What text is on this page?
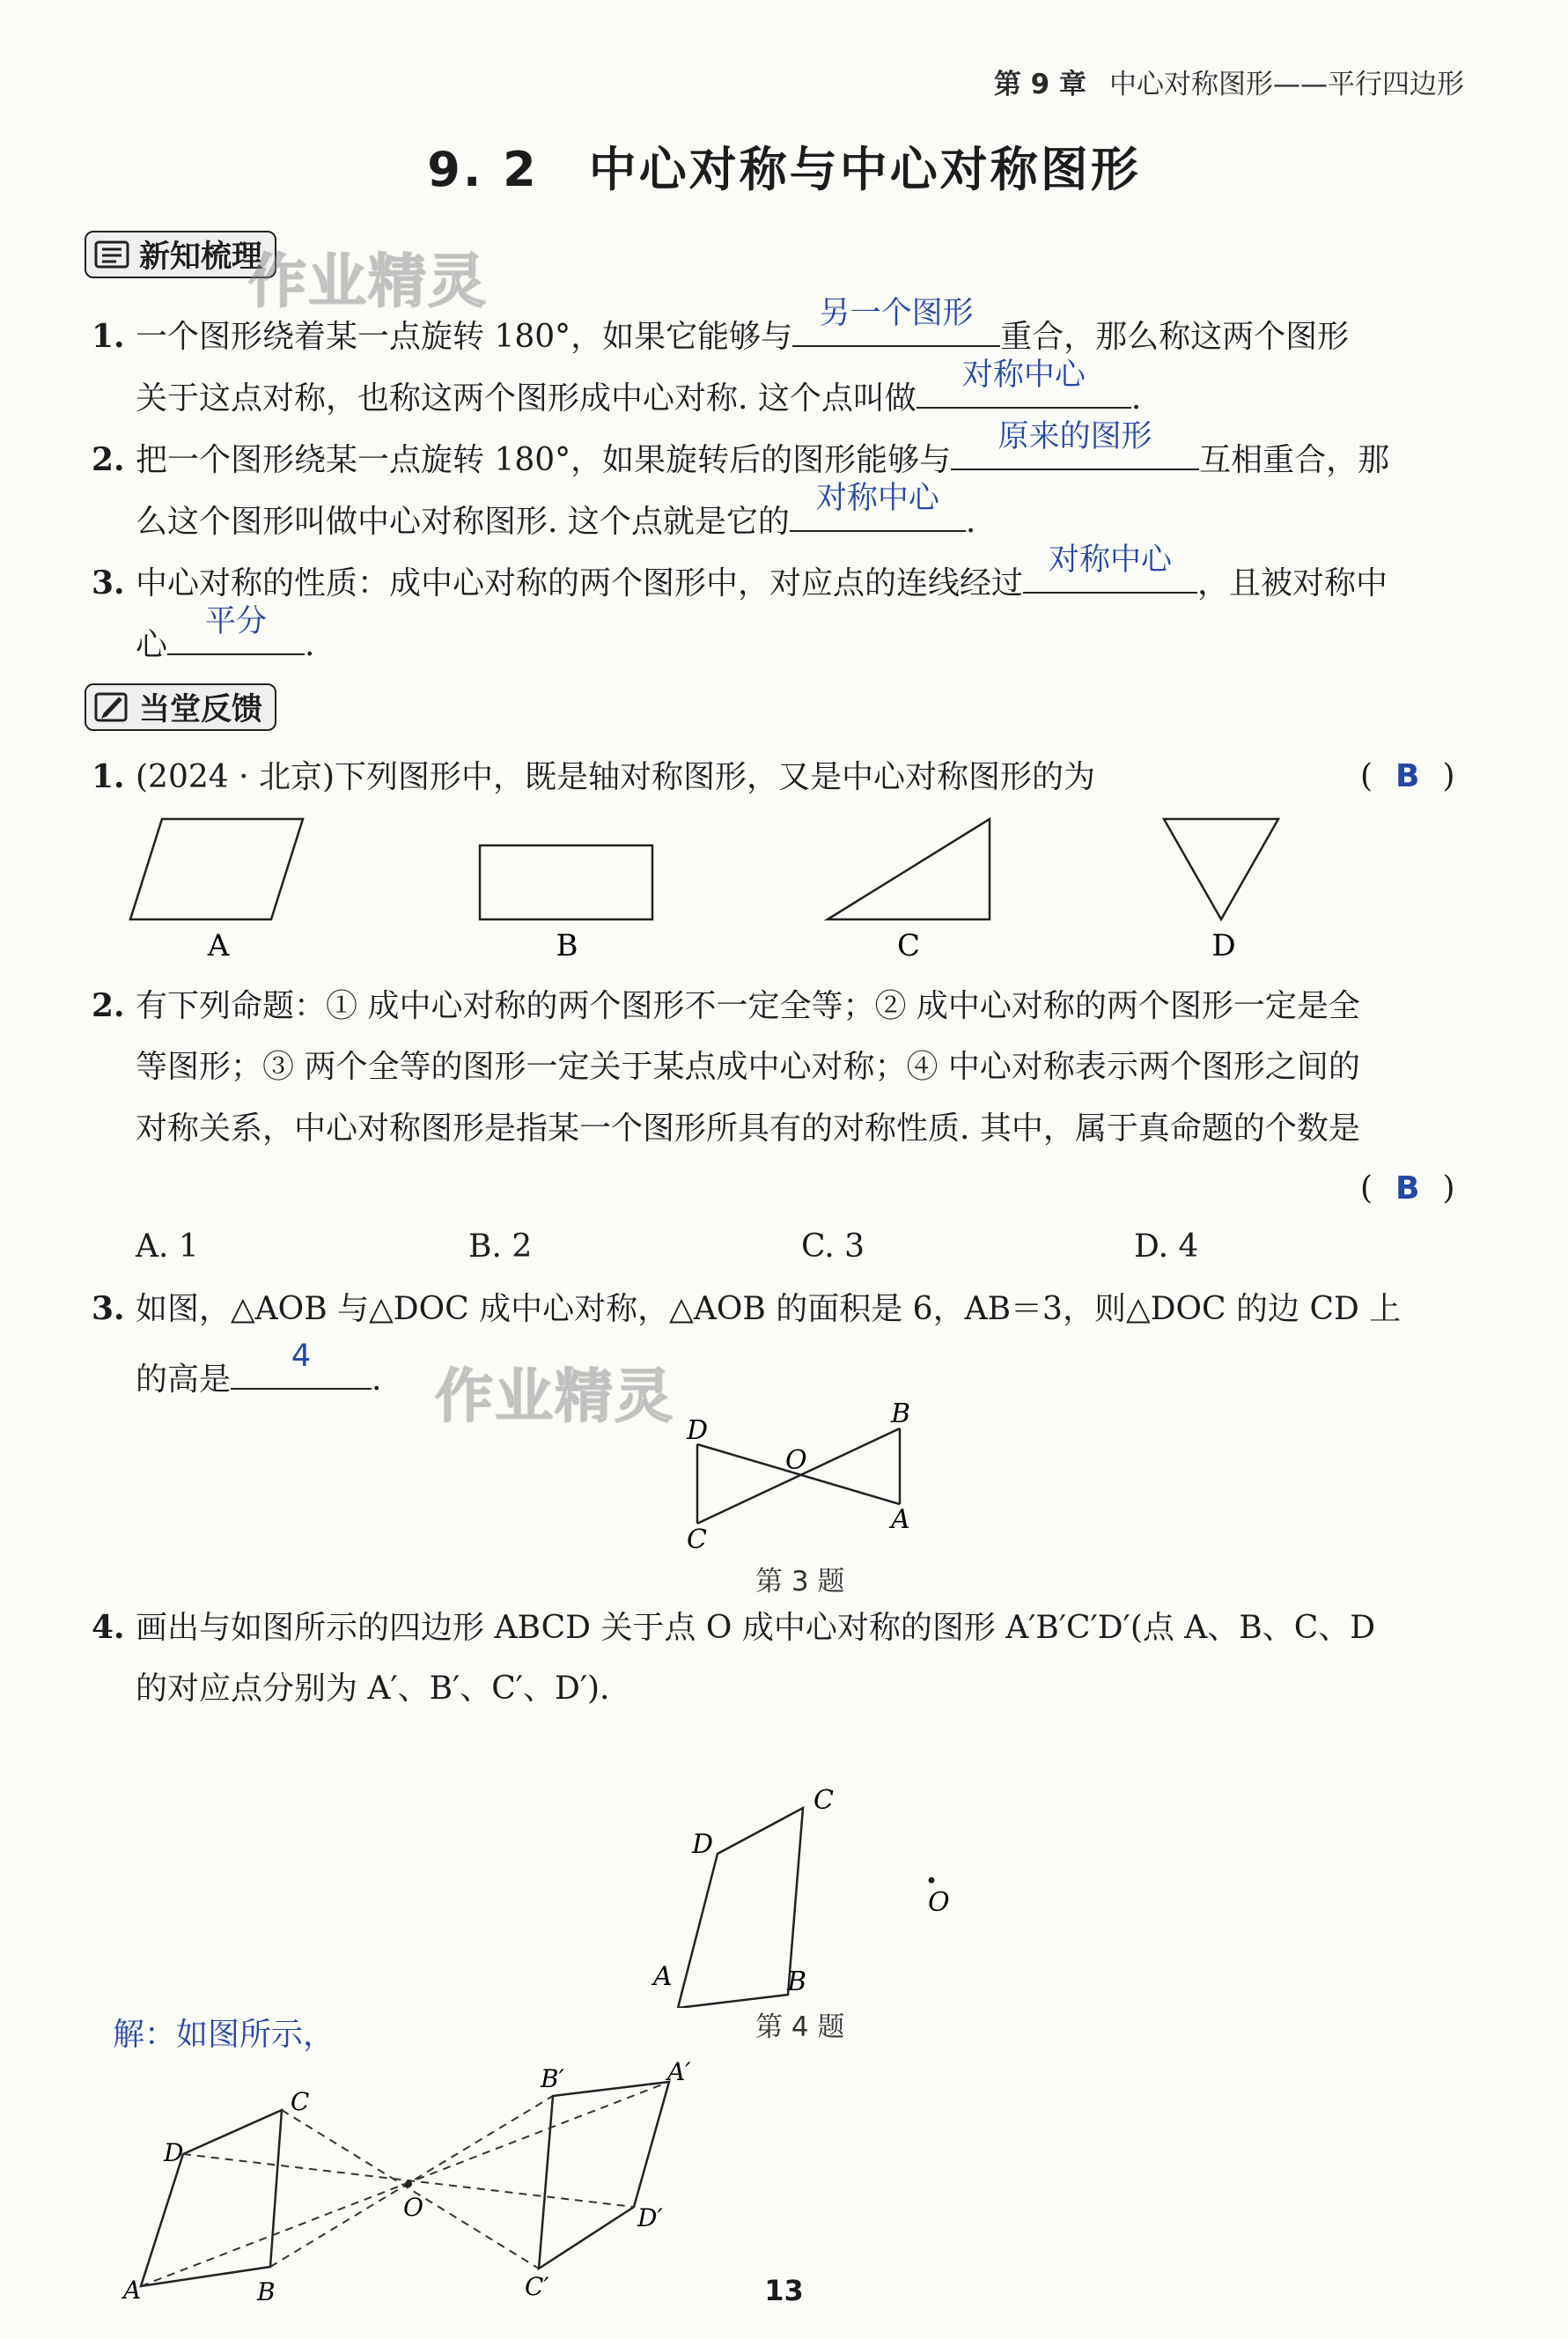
第 9 章 中心对称图形——平行四边形
9. 2　中心对称与中心对称图形
新知梳理
作业精灵
1. 一个图形绕着某一点旋转 180°，如果它能够与
另一个图形
重合，那么称这两个图形
关于这点对称，也称这两个图形成中心对称. 这个点叫做
对称中心
.
2. 把一个图形绕某一点旋转 180°，如果旋转后的图形能够与
原来的图形
互相重合，那
么这个图形叫做中心对称图形. 这个点就是它的
对称中心
.
3. 中心对称的性质：成中心对称的两个图形中，对应点的连线经过
对称中心
，且被对称中
心
平分
.
当堂反馈
1. (2024 · 北京)下列图形中，既是轴对称图形，又是中心对称图形的为	( B )
A	B	C	D
2. 有下列命题：① 成中心对称的两个图形不一定全等；② 成中心对称的两个图形一定是全
等图形；③ 两个全等的图形一定关于某点成中心对称；④ 中心对称表示两个图形之间的
对称关系，中心对称图形是指某一个图形所具有的对称性质. 其中，属于真命题的个数是
( B )
A. 1	B. 2	C. 3	D. 4
3. 如图，△AOB 与△DOC 成中心对称，△AOB 的面积是 6，AB＝3，则△DOC 的边 CD 上
的高是
4
. 作业精灵
D
O
B
C
A
第 3 题
4. 画出与如图所示的四边形 ABCD 关于点 O 成中心对称的图形 A′B′C′D′(点 A、B、C、D
的对应点分别为 A′、B′、C′、D′).
A	B
C
D
O
第 4 题
解：如图所示，
A	B
C
D
O
A′
B′
C′
D′
13
